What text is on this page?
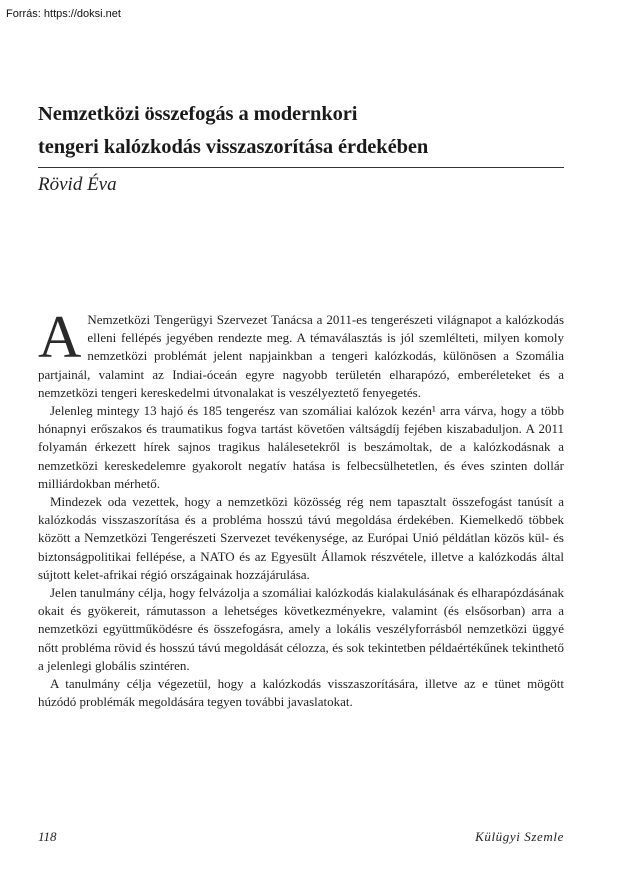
Forrás: https://doksi.net
Nemzetközi összefogás a modernkori
tengeri kalózkodás visszaszorítása érdekében
Rövid Éva

A Nemzetközi Tengerügyi Szervezet Tanácsa a 2011-es tengerészeti világnapot a kalózkodás elleni fellépés jegyében rendezte meg. A témaválasztás is jól szemlélteti, milyen komoly nemzetközi problémát jelent napjainkban a tengeri kalózkodás, különösen a Szomália partjainál, valamint az Indiai-óceán egyre nagyobb területén elharapózó, emberéleteket és a nemzetközi tengeri kereskedelmi útvonalakat is veszélyeztető fenyegetés.

Jelenleg mintegy 13 hajó és 185 tengerész van szomáliai kalózok kezén¹ arra várva, hogy a több hónapnyi erőszakos és traumatikus fogva tartást követően váltságdíj fejében kiszabaduljon. A 2011 folyamán érkezett hírek sajnos tragikus halálesetekről is beszámoltak, de a kalózkodásnak a nemzetközi kereskedelemre gyakorolt negatív hatása is felbecsülhetetlen, és éves szinten dollár milliárdokban mérhető.

Mindezek oda vezettek, hogy a nemzetközi közösség rég nem tapasztalt összefogást tanúsít a kalózkodás visszaszorítása és a probléma hosszú távú megoldása érdekében. Kiemelkedő többek között a Nemzetközi Tengerészeti Szervezet tevékenysége, az Európai Unió példátlan közös kül- és biztonságpolitikai fellépése, a NATO és az Egyesült Államok részvétele, illetve a kalózkodás által sújtott kelet-afrikai régió országainak hozzájárulása.

Jelen tanulmány célja, hogy felvázolja a szomáliai kalózkodás kialakulásának és elharapózdásának okait és gyökereit, rámutasson a lehetséges következményekre, valamint (és elsősorban) arra a nemzetközi együttműködésre és összefogásra, amely a lokális veszélyforrásból nemzetközi üggyé nőtt probléma rövid és hosszú távú megoldását célozza, és sok tekintetben példaértékűnek tekinthető a jelenlegi globális szintéren.

A tanulmány célja végezetül, hogy a kalózkodás visszaszorítására, illetve az e tünet mögött húzódó problémák megoldására tegyen további javaslatokat.

118	Külügyi Szemle
